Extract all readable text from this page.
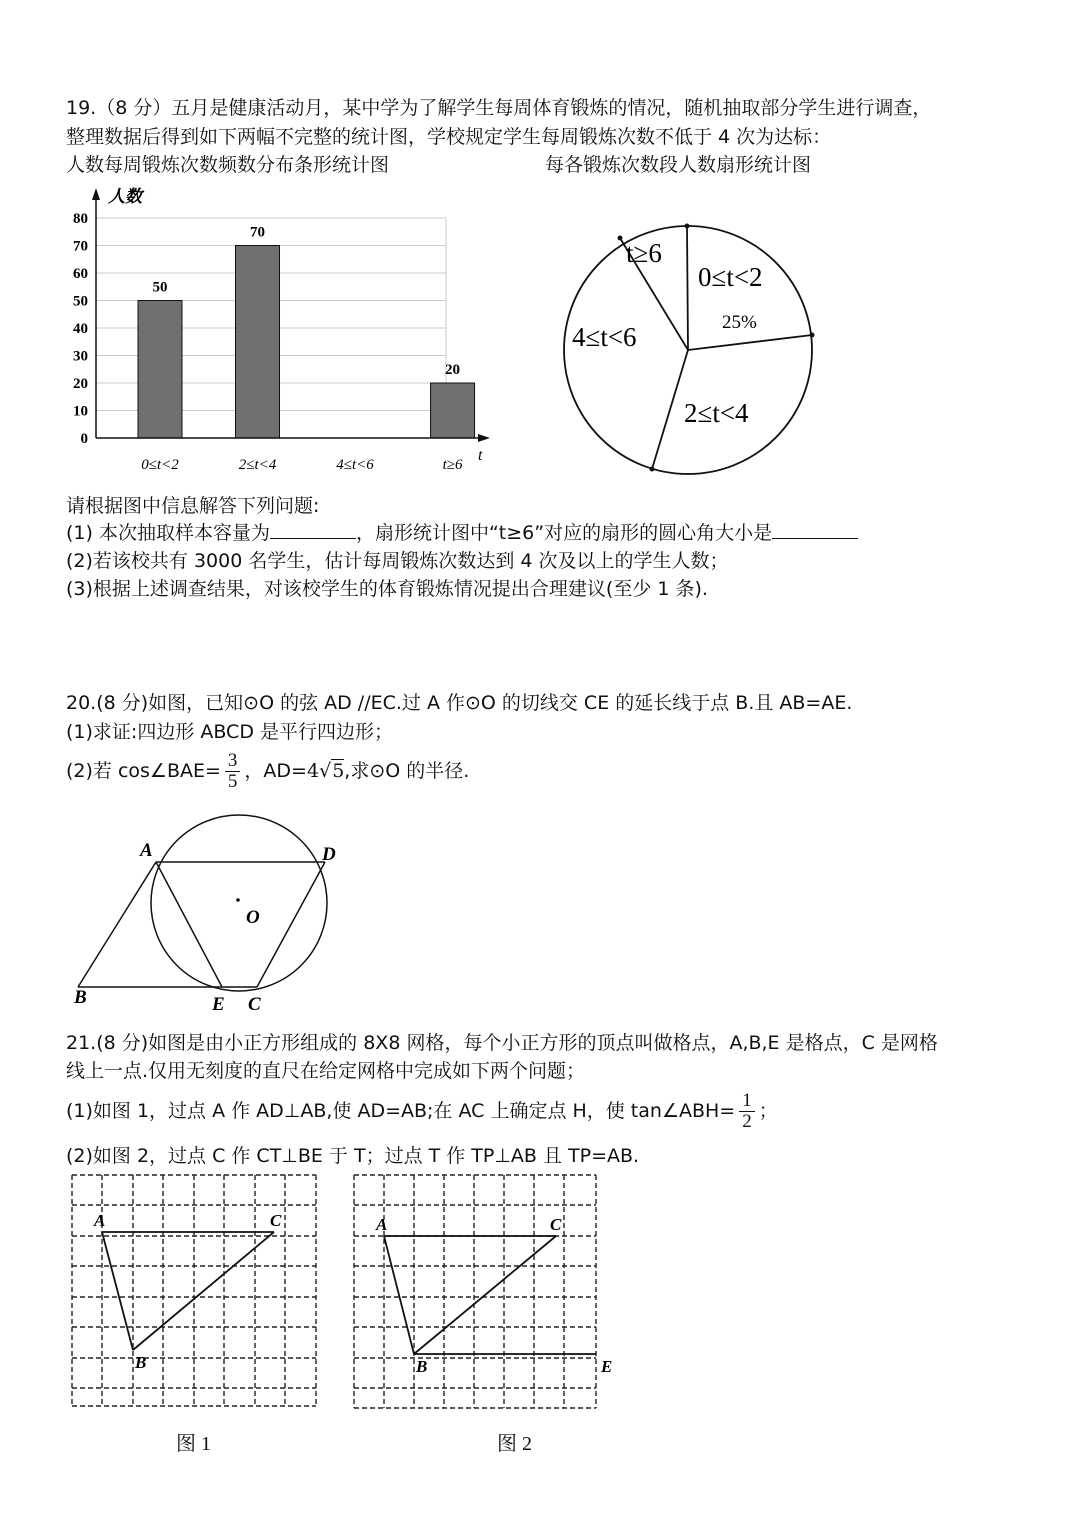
19.（8 分）五月是健康活动月，某中学为了解学生每周体育锻炼的情况，随机抽取部分学生进行调查，
整理数据后得到如下两幅不完整的统计图，学校规定学生每周锻炼次数不低于 4 次为达标：
人数每周锻炼次数频数分布条形统计图	每各锻炼次数段人数扇形统计图
人数
t
0
10
20
30
40
50
60
70
80
50
70
20
0≤t<2	2≤t<4	4≤t<6	t≥6
t≥6
0≤t<2
25%
4≤t<6
2≤t<4
请根据图中信息解答下列问题:
(1) 本次抽取样本容量为	，扇形统计图中“t≥6”对应的扇形的圆心角大小是
(2)若该校共有 3000 名学生，估计每周锻炼次数达到 4 次及以上的学生人数；
(3)根据上述调查结果，对该校学生的体育锻炼情况提出合理建议(至少 1 条).
20.(8 分)如图，已知⊙O 的弦 AD //EC.过 A 作⊙O 的切线交 CE 的延长线于点 B.且 AB=AE.
(1)求证:四边形 ABCD 是平行四边形；
(2)若 cos∠BAE= $\frac{3}{5}$ ，AD=4√5,求⊙O 的半径.
A	D
O
B	E C
21.(8 分)如图是由小正方形组成的 8X8 网格，每个小正方形的顶点叫做格点，A,B,E 是格点，C 是网格
线上一点.仅用无刻度的直尺在给定网格中完成如下两个问题；
(1)如图 1，过点 A 作 AD⊥AB,使 AD=AB;在 AC 上确定点 H，使 tan∠ABH= $\frac{1}{2}$ ；
(2)如图 2，过点 C 作 CT⊥BE 于 T；过点 T 作 TP⊥AB 且 TP=AB.
A	C
B
图 1
A	C
B	E
图 2
